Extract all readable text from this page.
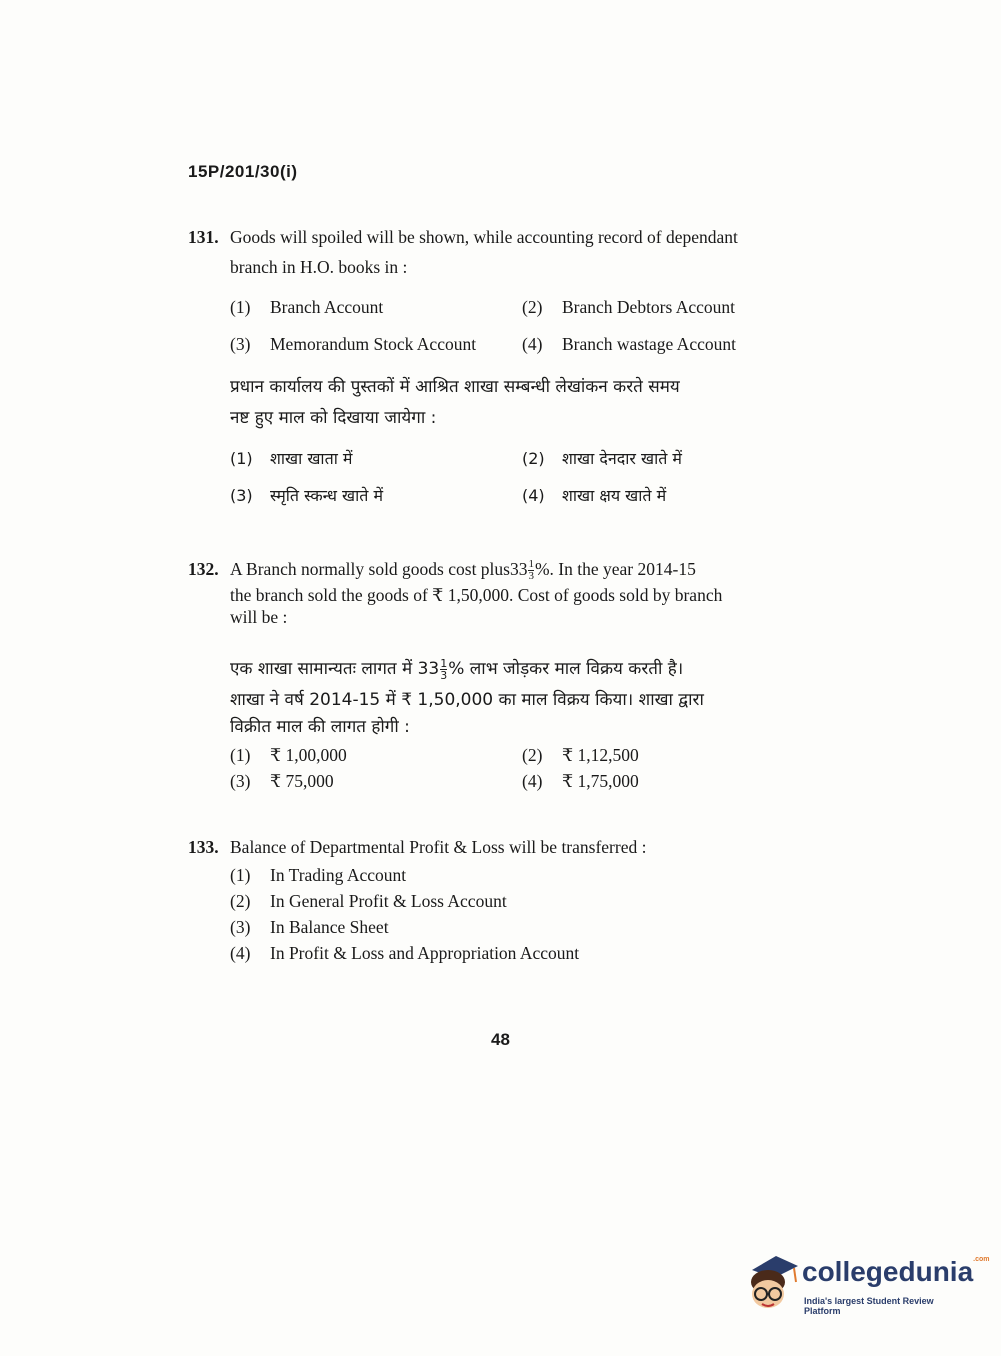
15P/201/30(i)
131. Goods will spoiled will be shown, while accounting record of dependant
branch in H.O. books in :
(1)	Branch Account	(2)	Branch Debtors Account
(3)	Memorandum Stock Account	(4)	Branch wastage Account
प्रधान कार्यालय की पुस्तकों में आश्रित शाखा सम्बन्धी लेखांकन करते समय
नष्ट हुए माल को दिखाया जायेगा :
(1)	शाखा खाता में	(2)	शाखा देनदार खाते में
(3)	स्मृति स्कन्ध खाते में	(4)	शाखा क्षय खाते में
132. A Branch normally sold goods cost plus33 $\frac{1}{3}$ %. In the year 2014-15
the branch sold the goods of ₹ 1,50,000. Cost of goods sold by branch
will be :
एक शाखा सामान्यतः लागत में $33 \frac{1}{3}$ % लाभ जोड़कर माल विक्रय करती है।
शाखा ने वर्ष 2014-15 में ₹ 1,50,000 का माल विक्रय किया। शाखा द्वारा
विक्रीत माल की लागत होगी :
(1)	₹ 1,00,000	(2)	₹ 1,12,500
(3)	₹ 75,000	(4)	₹ 1,75,000
133. Balance of Departmental Profit & Loss will be transferred :
(1)	In Trading Account
(2)	In General Profit & Loss Account
(3)	In Balance Sheet
(4)	In Profit & Loss and Appropriation Account
48
collegedunia$^{.com}$
India's largest Student Review Platform
